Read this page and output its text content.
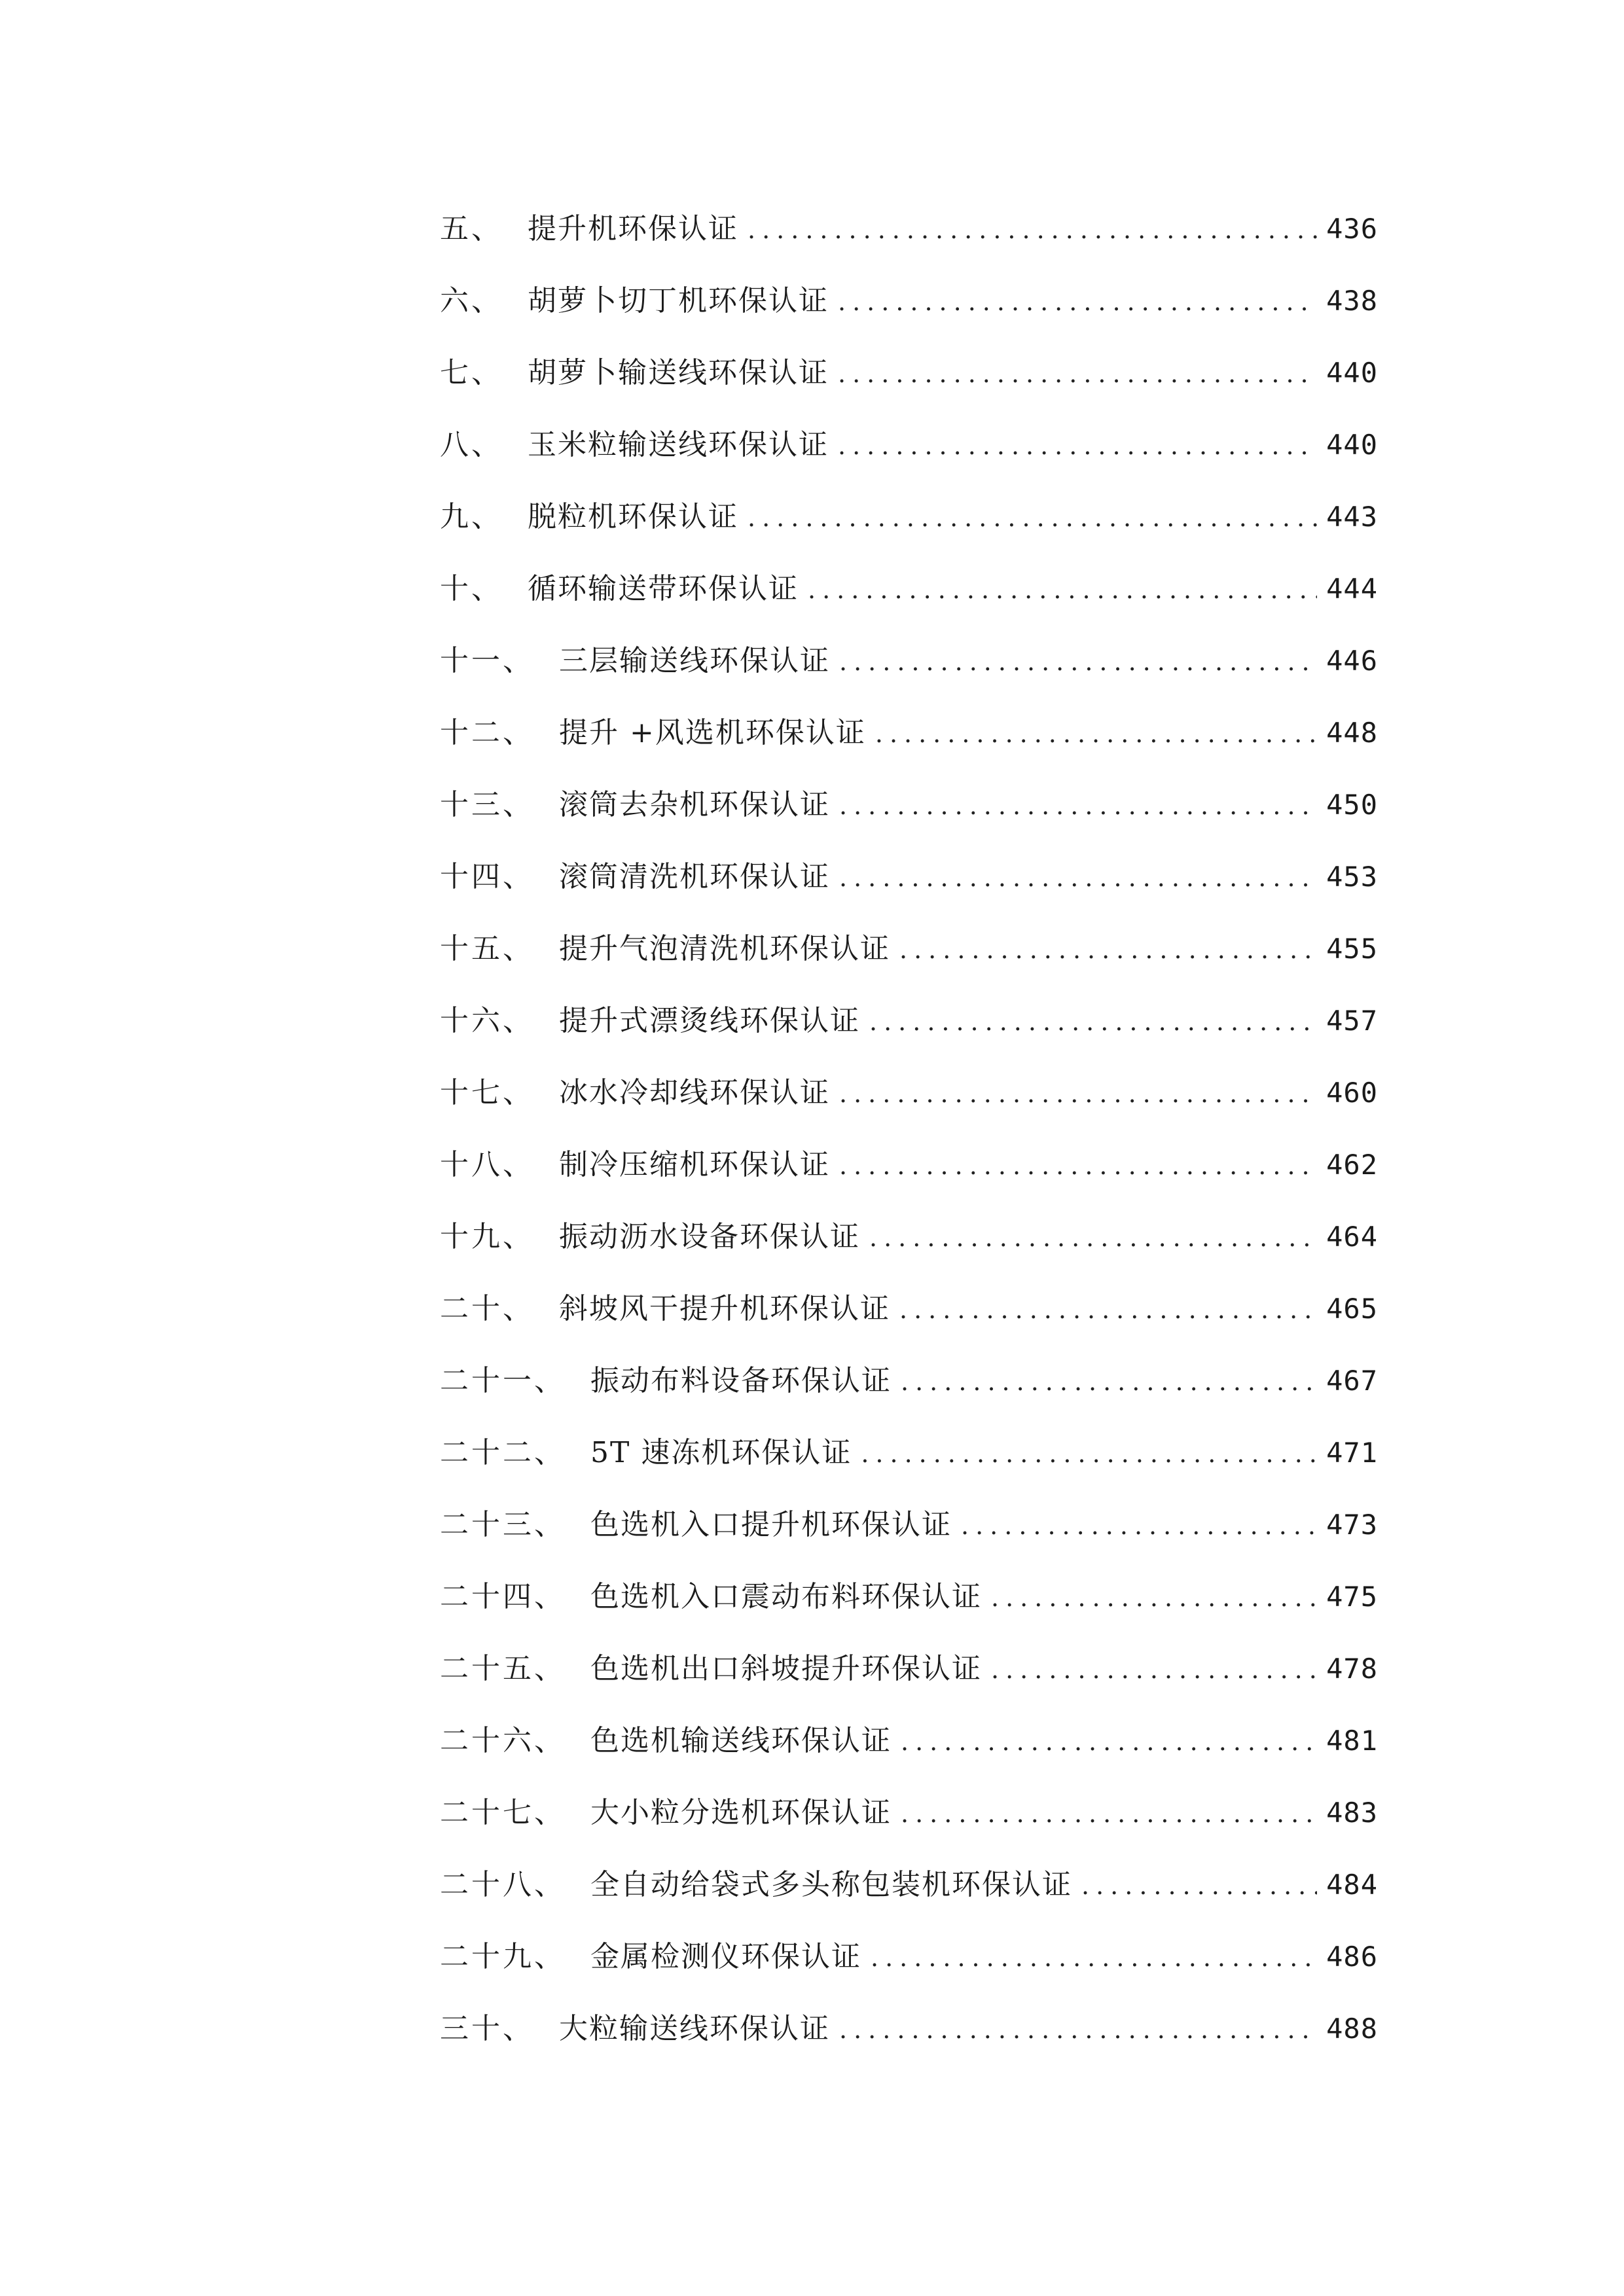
五 、 提升机环保认证 .....	436
六 、 胡萝卜切丁机环保认证 .....	438
七 、 胡萝卜输送线环保认证 .....	440
八 、 玉米粒输送线环保认证 .....	440
九 、 脱粒机环保认证 .....	443
十 、 循环输送带环保认证 .....	444
十一 、 三层输送线环保认证 .....	446
十二 、 提升 +风选机环保认证 .....	448
十三 、 滚筒去杂机环保认证 .....	450
十四 、 滚筒清洗机环保认证 .....	453
十五 、 提升气泡清洗机环保认证 .....	455
十六 、 提升式漂烫线环保认证 .....	457
十七 、 冰水冷却线环保认证 .....	460
十八 、 制冷压缩机环保认证 .....	462
十九 、 振动沥水设备环保认证 .....	464
二十 、 斜坡风干提升机环保认证 .....	465
二十一 、 振动布料设备环保认证 .....	467
二十二 、 5T 速冻机环保认证 .....	471
二十三 、 色选机入口提升机环保认证 .....	473
二十四 、 色选机入口震动布料环保认证 .....	475
二十五 、 色选机出口斜坡提升环保认证 .....	478
二十六 、 色选机输送线环保认证 .....	481
二十七 、 大小粒分选机环保认证 .....	483
二十八 、 全自动给袋式多头称包装机环保认证 .....	484
二十九 、 金属检测仪环保认证 .....	486
三十 、 大粒输送线环保认证 .....	488
